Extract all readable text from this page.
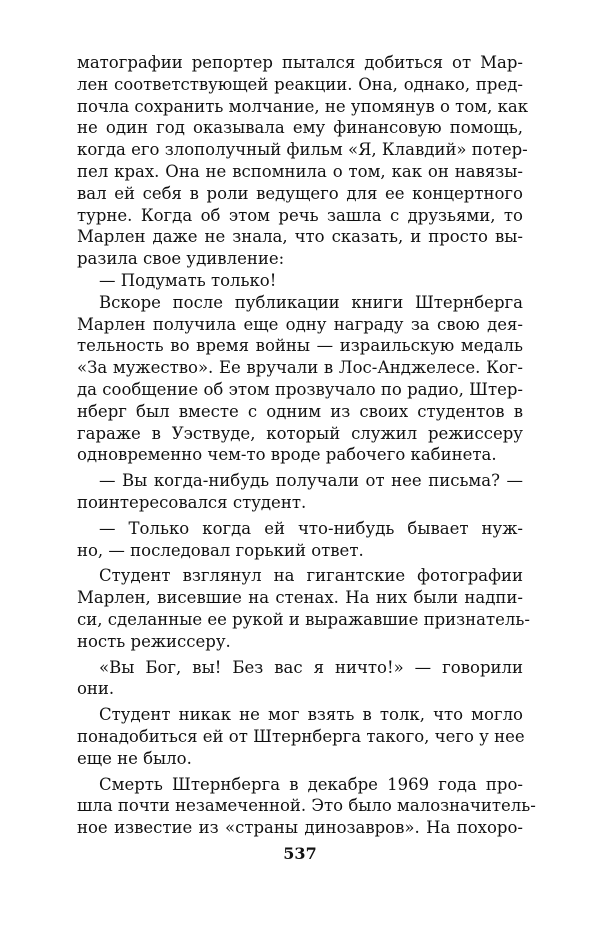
матографии репортер пытался добиться от Мар-
лен соответствующей реакции. Она, однако, пред-
почла сохранить молчание, не упомянув о том, как
не один год оказывала ему финансовую помощь,
когда его злополучный фильм «Я, Клавдий» потер-
пел крах. Она не вспомнила о том, как он навязы-
вал ей себя в роли ведущего для ее концертного
турне. Когда об этом речь зашла с друзьями, то
Марлен даже не знала, что сказать, и просто вы-
разила свое удивление:
— Подумать только!
Вскоре после публикации книги Штернберга
Марлен получила еще одну награду за свою дея-
тельность во время войны — израильскую медаль
«За мужество». Ее вручали в Лос-Анджелесе. Ког-
да сообщение об этом прозвучало по радио, Штер-
нберг был вместе с одним из своих студентов в
гараже в Уэствуде, который служил режиссеру
одновременно чем-то вроде рабочего кабинета.
— Вы когда-нибудь получали от нее письма? —
поинтересовался студент.
— Только когда ей что-нибудь бывает нуж-
но, — последовал горький ответ.
Студент взглянул на гигантские фотографии
Марлен, висевшие на стенах. На них были надпи-
си, сделанные ее рукой и выражавшие признатель-
ность режиссеру.
«Вы Бог, вы! Без вас я ничто!» — говорили
они.
Студент никак не мог взять в толк, что могло
понадобиться ей от Штернберга такого, чего у нее
еще не было.
Смерть Штернберга в декабре 1969 года про-
шла почти незамеченной. Это было малозначитель-
ное известие из «страны динозавров». На похоро-
537
